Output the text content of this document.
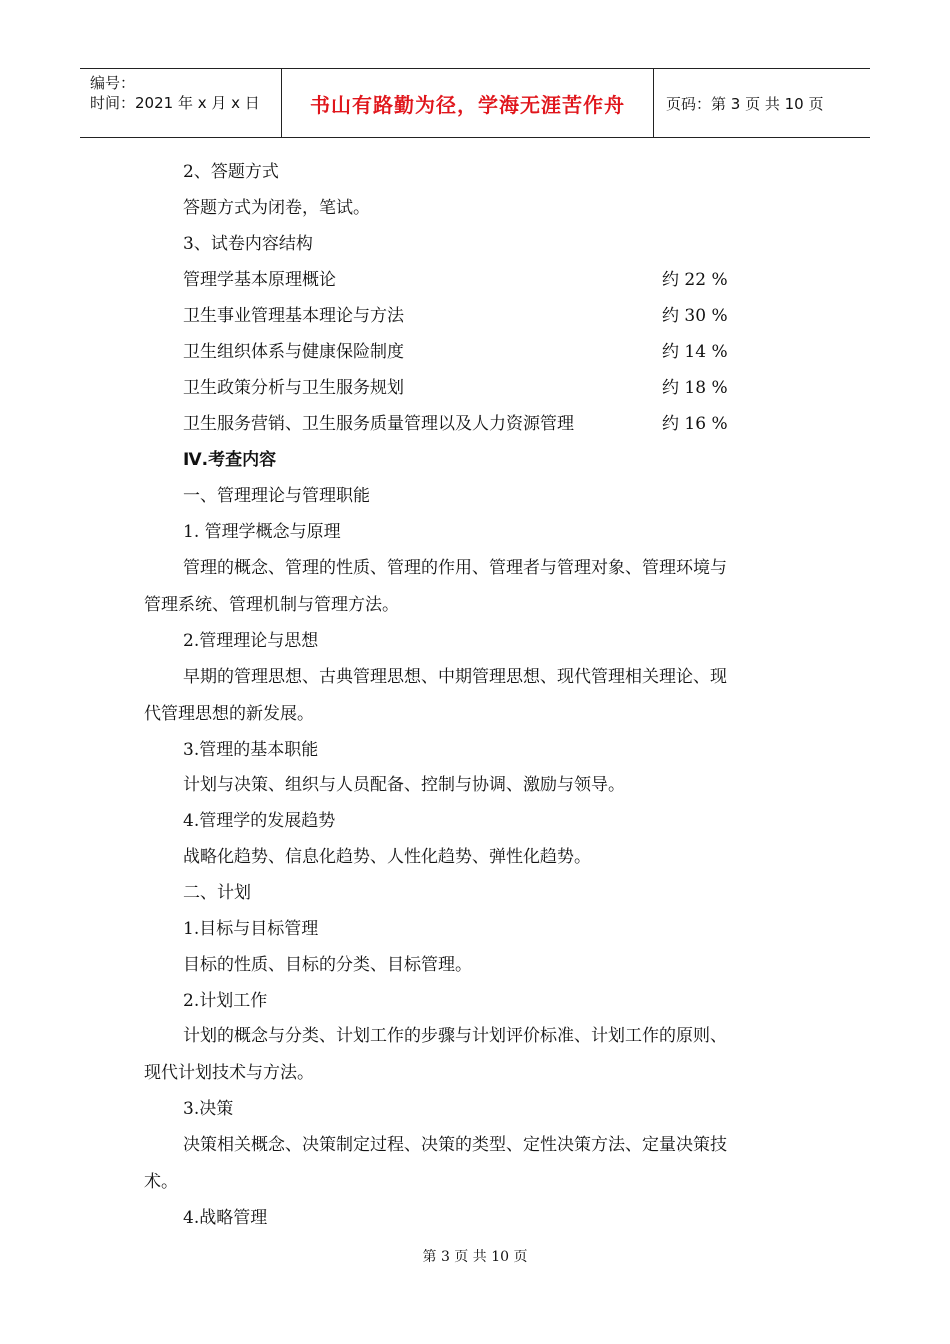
编号：
时间：2021 年 x 月 x 日	书山有路勤为径，学海无涯苦作舟	页码：第 3 页 共 10 页
2、答题方式
答题方式为闭卷，笔试。
3、试卷内容结构
管理学基本原理概论	约 22 %
卫生事业管理基本理论与方法	约 30 %
卫生组织体系与健康保险制度	约 14 %
卫生政策分析与卫生服务规划	约 18 %
卫生服务营销、卫生服务质量管理以及人力资源管理	约 16 %
Ⅳ.考查内容
一、管理理论与管理职能
1. 管理学概念与原理
管理的概念、管理的性质、管理的作用、管理者与管理对象、管理环境与
管理系统、管理机制与管理方法。
2.管理理论与思想
早期的管理思想、古典管理思想、中期管理思想、现代管理相关理论、现
代管理思想的新发展。
3.管理的基本职能
计划与决策、组织与人员配备、控制与协调、激励与领导。
4.管理学的发展趋势
战略化趋势、信息化趋势、人性化趋势、弹性化趋势。
二、计划
1.目标与目标管理
目标的性质、目标的分类、目标管理。
2.计划工作
计划的概念与分类、计划工作的步骤与计划评价标准、计划工作的原则、
现代计划技术与方法。
3.决策
决策相关概念、决策制定过程、决策的类型、定性决策方法、定量决策技
术。
4.战略管理
第 3 页 共 10 页
